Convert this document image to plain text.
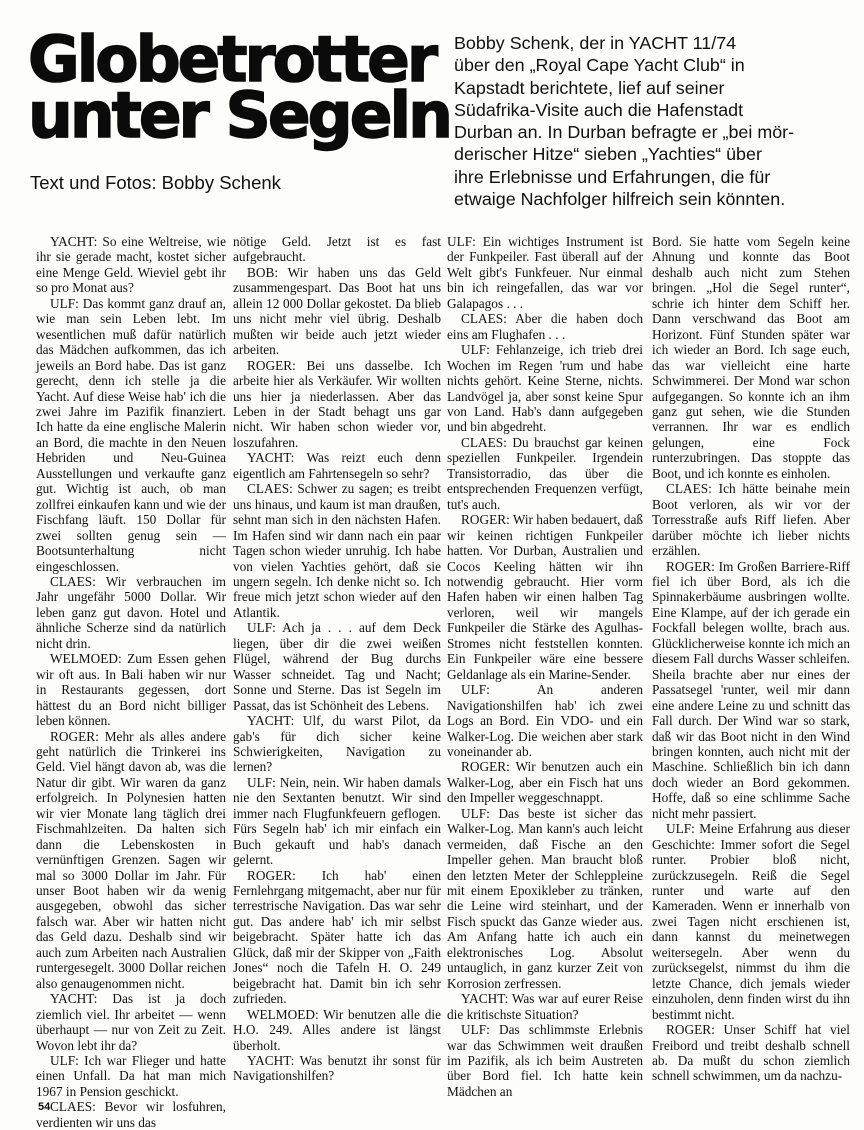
Globetrotter
unter Segeln
Text und Fotos: Bobby Schenk
Bobby Schenk, der in YACHT 11/74
über den „Royal Cape Yacht Club“ in
Kapstadt berichtete, lief auf seiner
Südafrika-Visite auch die Hafenstadt
Durban an. In Durban befragte er „bei mör-
derischer Hitze“ sieben „Yachties“ über
ihre Erlebnisse und Erfahrungen, die für
etwaige Nachfolger hilfreich sein könnten.

YACHT: So eine Weltreise, wie ihr sie gerade macht, kostet sicher eine Menge Geld. Wieviel gebt ihr so pro Monat aus?

ULF: Das kommt ganz drauf an, wie man sein Leben lebt. Im wesentlichen muß dafür natürlich das Mädchen aufkommen, das ich jeweils an Bord habe. Das ist ganz gerecht, denn ich stelle ja die Yacht. Auf diese Weise hab' ich die zwei Jahre im Pazifik finanziert. Ich hatte da eine englische Malerin an Bord, die machte in den Neuen Hebriden und Neu-Guinea Ausstellungen und verkaufte ganz gut. Wichtig ist auch, ob man zollfrei einkaufen kann und wie der Fischfang läuft. 150 Dollar für zwei sollten genug sein — Bootsunterhaltung nicht eingeschlossen.

CLAES: Wir verbrauchen im Jahr ungefähr 5000 Dollar. Wir leben ganz gut davon. Hotel und ähnliche Scherze sind da natürlich nicht drin.

WELMOED: Zum Essen gehen wir oft aus. In Bali haben wir nur in Restaurants gegessen, dort hättest du an Bord nicht billiger leben können.

ROGER: Mehr als alles andere geht natürlich die Trinkerei ins Geld. Viel hängt davon ab, was die Natur dir gibt. Wir waren da ganz erfolgreich. In Polynesien hatten wir vier Monate lang täglich drei Fischmahlzeiten. Da halten sich dann die Lebenskosten in vernünftigen Grenzen. Sagen wir mal so 3000 Dollar im Jahr. Für unser Boot haben wir da wenig ausgegeben, obwohl das sicher falsch war. Aber wir hatten nicht das Geld dazu. Deshalb sind wir auch zum Arbeiten nach Australien runtergesegelt. 3000 Dollar reichen also genaugenommen nicht.

YACHT: Das ist ja doch ziemlich viel. Ihr arbeitet — wenn überhaupt — nur von Zeit zu Zeit. Wovon lebt ihr da?

ULF: Ich war Flieger und hatte einen Unfall. Da hat man mich 1967 in Pension geschickt.

CLAES: Bevor wir losfuhren, verdienten wir uns das

nötige Geld. Jetzt ist es fast aufgebraucht.

BOB: Wir haben uns das Geld zusammengespart. Das Boot hat uns allein 12 000 Dollar gekostet. Da blieb uns nicht mehr viel übrig. Deshalb mußten wir beide auch jetzt wieder arbeiten.

ROGER: Bei uns dasselbe. Ich arbeite hier als Verkäufer. Wir wollten uns hier ja niederlassen. Aber das Leben in der Stadt behagt uns gar nicht. Wir haben schon wieder vor, loszufahren.

YACHT: Was reizt euch denn eigentlich am Fahrtensegeln so sehr?

CLAES: Schwer zu sagen; es treibt uns hinaus, und kaum ist man draußen, sehnt man sich in den nächsten Hafen. Im Hafen sind wir dann nach ein paar Tagen schon wieder unruhig. Ich habe von vielen Yachties gehört, daß sie ungern segeln. Ich denke nicht so. Ich freue mich jetzt schon wieder auf den Atlantik.

ULF: Ach ja . . . auf dem Deck liegen, über dir die zwei weißen Flügel, während der Bug durchs Wasser schneidet. Tag und Nacht; Sonne und Sterne. Das ist Segeln im Passat, das ist Schönheit des Lebens.

YACHT: Ulf, du warst Pilot, da gab's für dich sicher keine Schwierigkeiten, Navigation zu lernen?

ULF: Nein, nein. Wir haben damals nie den Sextanten benutzt. Wir sind immer nach Flugfunkfeuern geflogen. Fürs Segeln hab' ich mir einfach ein Buch gekauft und hab's danach gelernt.

ROGER: Ich hab' einen Fernlehrgang mitgemacht, aber nur für terrestrische Navigation. Das war sehr gut. Das andere hab' ich mir selbst beigebracht. Später hatte ich das Glück, daß mir der Skipper von „Faith Jones“ noch die Tafeln H. O. 249 beigebracht hat. Damit bin ich sehr zufrieden.

WELMOED: Wir benutzen alle die H.O. 249. Alles andere ist längst überholt.

YACHT: Was benutzt ihr sonst für Navigationshilfen?

ULF: Ein wichtiges Instrument ist der Funkpeiler. Fast überall auf der Welt gibt's Funkfeuer. Nur einmal bin ich reingefallen, das war vor Galapagos . . .

CLAES: Aber die haben doch eins am Flughafen . . .

ULF: Fehlanzeige, ich trieb drei Wochen im Regen 'rum und habe nichts gehört. Keine Sterne, nichts. Landvögel ja, aber sonst keine Spur von Land. Hab's dann aufgegeben und bin abgedreht.

CLAES: Du brauchst gar keinen speziellen Funkpeiler. Irgendein Transistorradio, das über die entsprechenden Frequenzen verfügt, tut's auch.

ROGER: Wir haben bedauert, daß wir keinen richtigen Funkpeiler hatten. Vor Durban, Australien und Cocos Keeling hätten wir ihn notwendig gebraucht. Hier vorm Hafen haben wir einen halben Tag verloren, weil wir mangels Funkpeiler die Stärke des Agulhas-Stromes nicht feststellen konnten. Ein Funkpeiler wäre eine bessere Geldanlage als ein Marine-Sender.

ULF: An anderen Navigationshilfen hab' ich zwei Logs an Bord. Ein VDO- und ein Walker-Log. Die weichen aber stark voneinander ab.

ROGER: Wir benutzen auch ein Walker-Log, aber ein Fisch hat uns den Impeller weggeschnappt.

ULF: Das beste ist sicher das Walker-Log. Man kann's auch leicht vermeiden, daß Fische an den Impeller gehen. Man braucht bloß den letzten Meter der Schleppleine mit einem Epoxikleber zu tränken, die Leine wird steinhart, und der Fisch spuckt das Ganze wieder aus. Am Anfang hatte ich auch ein elektronisches Log. Absolut untauglich, in ganz kurzer Zeit von Korrosion zerfressen.

YACHT: Was war auf eurer Reise die kritischste Situation?

ULF: Das schlimmste Erlebnis war das Schwimmen weit draußen im Pazifik, als ich beim Austreten über Bord fiel. Ich hatte kein Mädchen an

Bord. Sie hatte vom Segeln keine Ahnung und konnte das Boot deshalb auch nicht zum Stehen bringen. „Hol die Segel runter“, schrie ich hinter dem Schiff her. Dann verschwand das Boot am Horizont. Fünf Stunden später war ich wieder an Bord. Ich sage euch, das war vielleicht eine harte Schwimmerei. Der Mond war schon aufgegangen. So konnte ich an ihm ganz gut sehen, wie die Stunden verrannen. Ihr war es endlich gelungen, eine Fock runterzubringen. Das stoppte das Boot, und ich konnte es einholen.

CLAES: Ich hätte beinahe mein Boot verloren, als wir vor der Torresstraße aufs Riff liefen. Aber darüber möchte ich lieber nichts erzählen.

ROGER: Im Großen Barriere-Riff fiel ich über Bord, als ich die Spinnakerbäume ausbringen wollte. Eine Klampe, auf der ich gerade ein Fockfall belegen wollte, brach aus. Glücklicherweise konnte ich mich an diesem Fall durchs Wasser schleifen. Sheila brachte aber nur eines der Passatsegel 'runter, weil mir dann eine andere Leine zu und schnitt das Fall durch. Der Wind war so stark, daß wir das Boot nicht in den Wind bringen konnten, auch nicht mit der Maschine. Schließlich bin ich dann doch wieder an Bord gekommen. Hoffe, daß so eine schlimme Sache nicht mehr passiert.

ULF: Meine Erfahrung aus dieser Geschichte: Immer sofort die Segel runter. Probier bloß nicht, zurückzusegeln. Reiß die Segel runter und warte auf den Kameraden. Wenn er innerhalb von zwei Tagen nicht erschienen ist, dann kannst du meinetwegen weitersegeln. Aber wenn du zurücksegelst, nimmst du ihm die letzte Chance, dich jemals wieder einzuholen, denn finden wirst du ihn bestimmt nicht.

ROGER: Unser Schiff hat viel Freibord und treibt deshalb schnell ab. Da mußt du schon ziemlich schnell schwimmen, um da nachzu-

54
